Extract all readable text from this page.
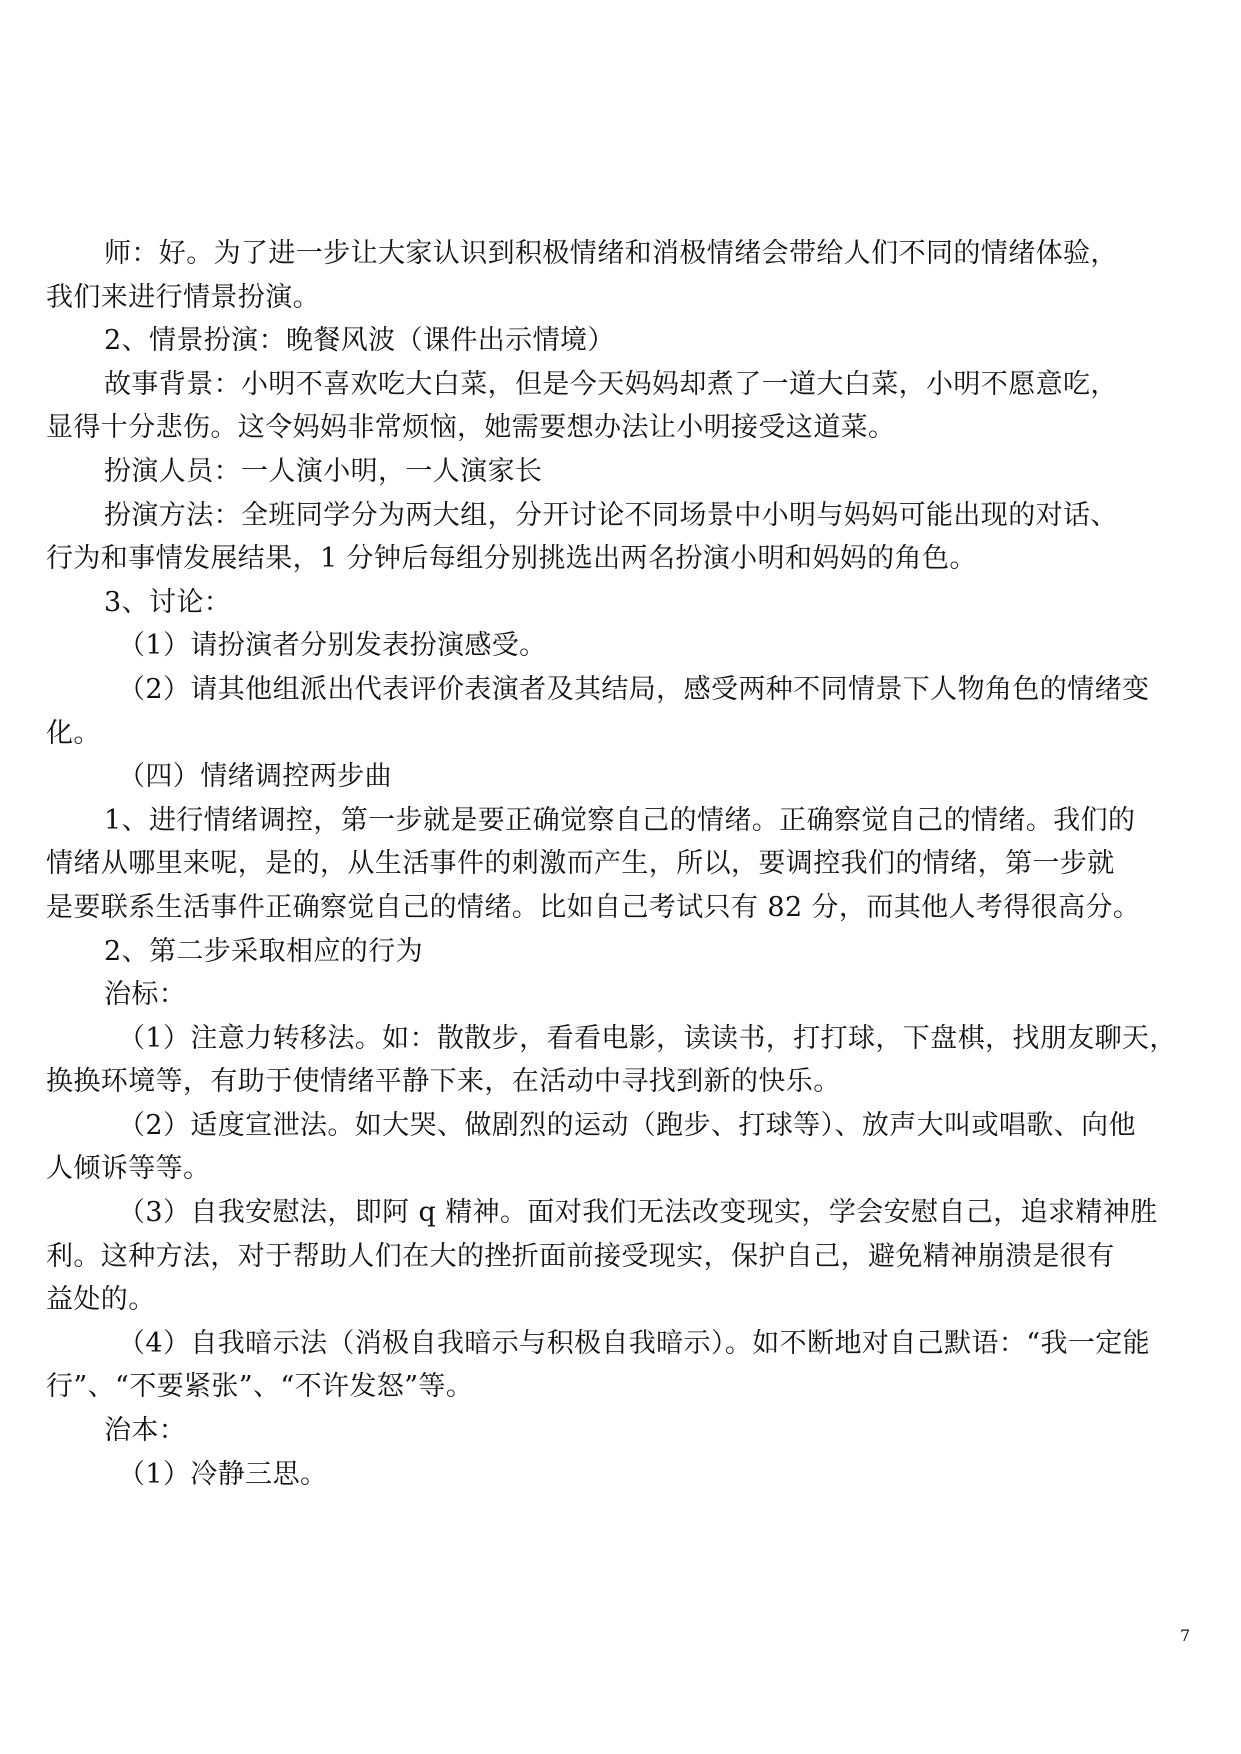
师：好。为了进一步让大家认识到积极情绪和消极情绪会带给人们不同的情绪体验，
我们来进行情景扮演。
2、情景扮演：晚餐风波（课件出示情境）
故事背景：小明不喜欢吃大白菜，但是今天妈妈却煮了一道大白菜，小明不愿意吃，
显得十分悲伤。这令妈妈非常烦恼，她需要想办法让小明接受这道菜。
扮演人员：一人演小明，一人演家长
扮演方法：全班同学分为两大组，分开讨论不同场景中小明与妈妈可能出现的对话、
行为和事情发展结果，1 分钟后每组分别挑选出两名扮演小明和妈妈的角色。
3、讨论：
（1）请扮演者分别发表扮演感受。
（2）请其他组派出代表评价表演者及其结局，感受两种不同情景下人物角色的情绪变
化。
（四）情绪调控两步曲
1、进行情绪调控，第一步就是要正确觉察自己的情绪。正确察觉自己的情绪。我们的
情绪从哪里来呢，是的，从生活事件的刺激而产生，所以，要调控我们的情绪，第一步就
是要联系生活事件正确察觉自己的情绪。比如自己考试只有 82 分，而其他人考得很高分。
2、第二步采取相应的行为
治标：
（1）注意力转移法。如：散散步，看看电影，读读书，打打球，下盘棋，找朋友聊天，
换换环境等，有助于使情绪平静下来，在活动中寻找到新的快乐。
（2）适度宣泄法。如大哭、做剧烈的运动（跑步、打球等）、放声大叫或唱歌、向他
人倾诉等等。
（3）自我安慰法，即阿 q 精神。面对我们无法改变现实，学会安慰自己，追求精神胜
利。这种方法，对于帮助人们在大的挫折面前接受现实，保护自己，避免精神崩溃是很有
益处的。
（4）自我暗示法（消极自我暗示与积极自我暗示）。如不断地对自己默语：“我一定能
行”、“不要紧张”、“不许发怒”等。
治本：
（1）冷静三思。
7
